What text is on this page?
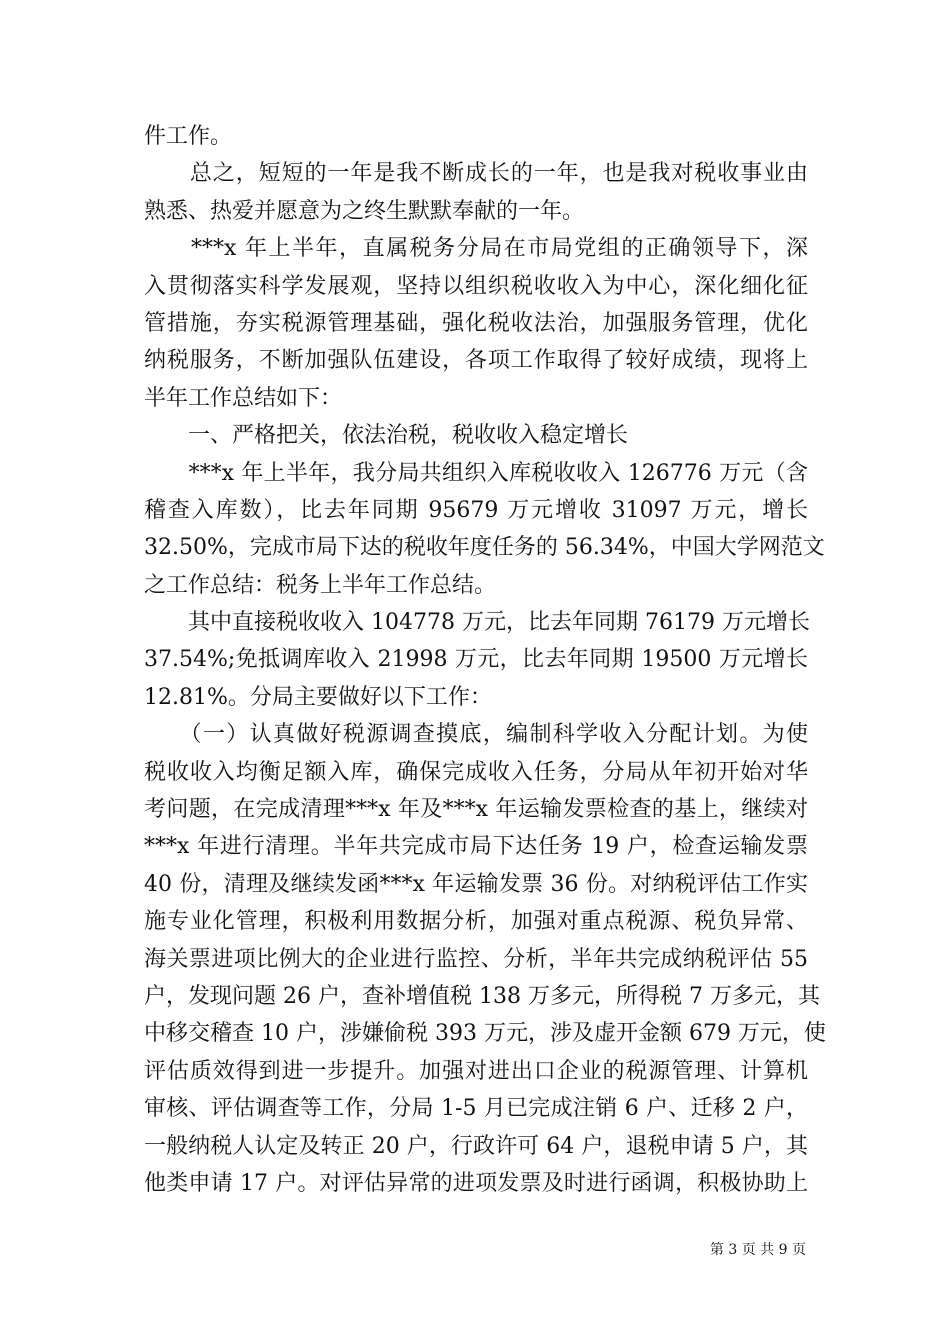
件工作。
　　总之，短短的一年是我不断成长的一年，也是我对税收事业由
熟悉、热爱并愿意为之终生默默奉献的一年。
　　***x 年上半年，直属税务分局在市局党组的正确领导下，深
入贯彻落实科学发展观，坚持以组织税收收入为中心，深化细化征
管措施，夯实税源管理基础，强化税收法治，加强服务管理，优化
纳税服务，不断加强队伍建设，各项工作取得了较好成绩，现将上
半年工作总结如下：
　　一、严格把关，依法治税，税收收入稳定增长
　　***x 年上半年，我分局共组织入库税收收入 126776 万元（含
稽查入库数），比去年同期 95679 万元增收 31097 万元，增长
32.50%，完成市局下达的税收年度任务的 56.34%，中国大学网范文
之工作总结：税务上半年工作总结。
　　其中直接税收收入 104778 万元，比去年同期 76179 万元增长
37.54%;免抵调库收入 21998 万元，比去年同期 19500 万元增长
12.81%。分局主要做好以下工作：
　　（一）认真做好税源调查摸底，编制科学收入分配计划。为使
税收收入均衡足额入库，确保完成收入任务，分局从年初开始对华
考问题，在完成清理***x 年及***x 年运输发票检查的基上，继续对
***x 年进行清理。半年共完成市局下达任务 19 户，检查运输发票
40 份，清理及继续发函***x 年运输发票 36 份。对纳税评估工作实
施专业化管理，积极利用数据分析，加强对重点税源、税负异常、
海关票进项比例大的企业进行监控、分析，半年共完成纳税评估 55
户，发现问题 26 户，查补增值税 138 万多元，所得税 7 万多元，其
中移交稽查 10 户，涉嫌偷税 393 万元，涉及虚开金额 679 万元，使
评估质效得到进一步提升。加强对进出口企业的税源管理、计算机
审核、评估调查等工作，分局 1-5 月已完成注销 6 户、迁移 2 户，
一般纳税人认定及转正 20 户，行政许可 64 户，退税申请 5 户，其
他类申请 17 户。对评估异常的进项发票及时进行函调，积极协助上
第 3 页 共 9 页
